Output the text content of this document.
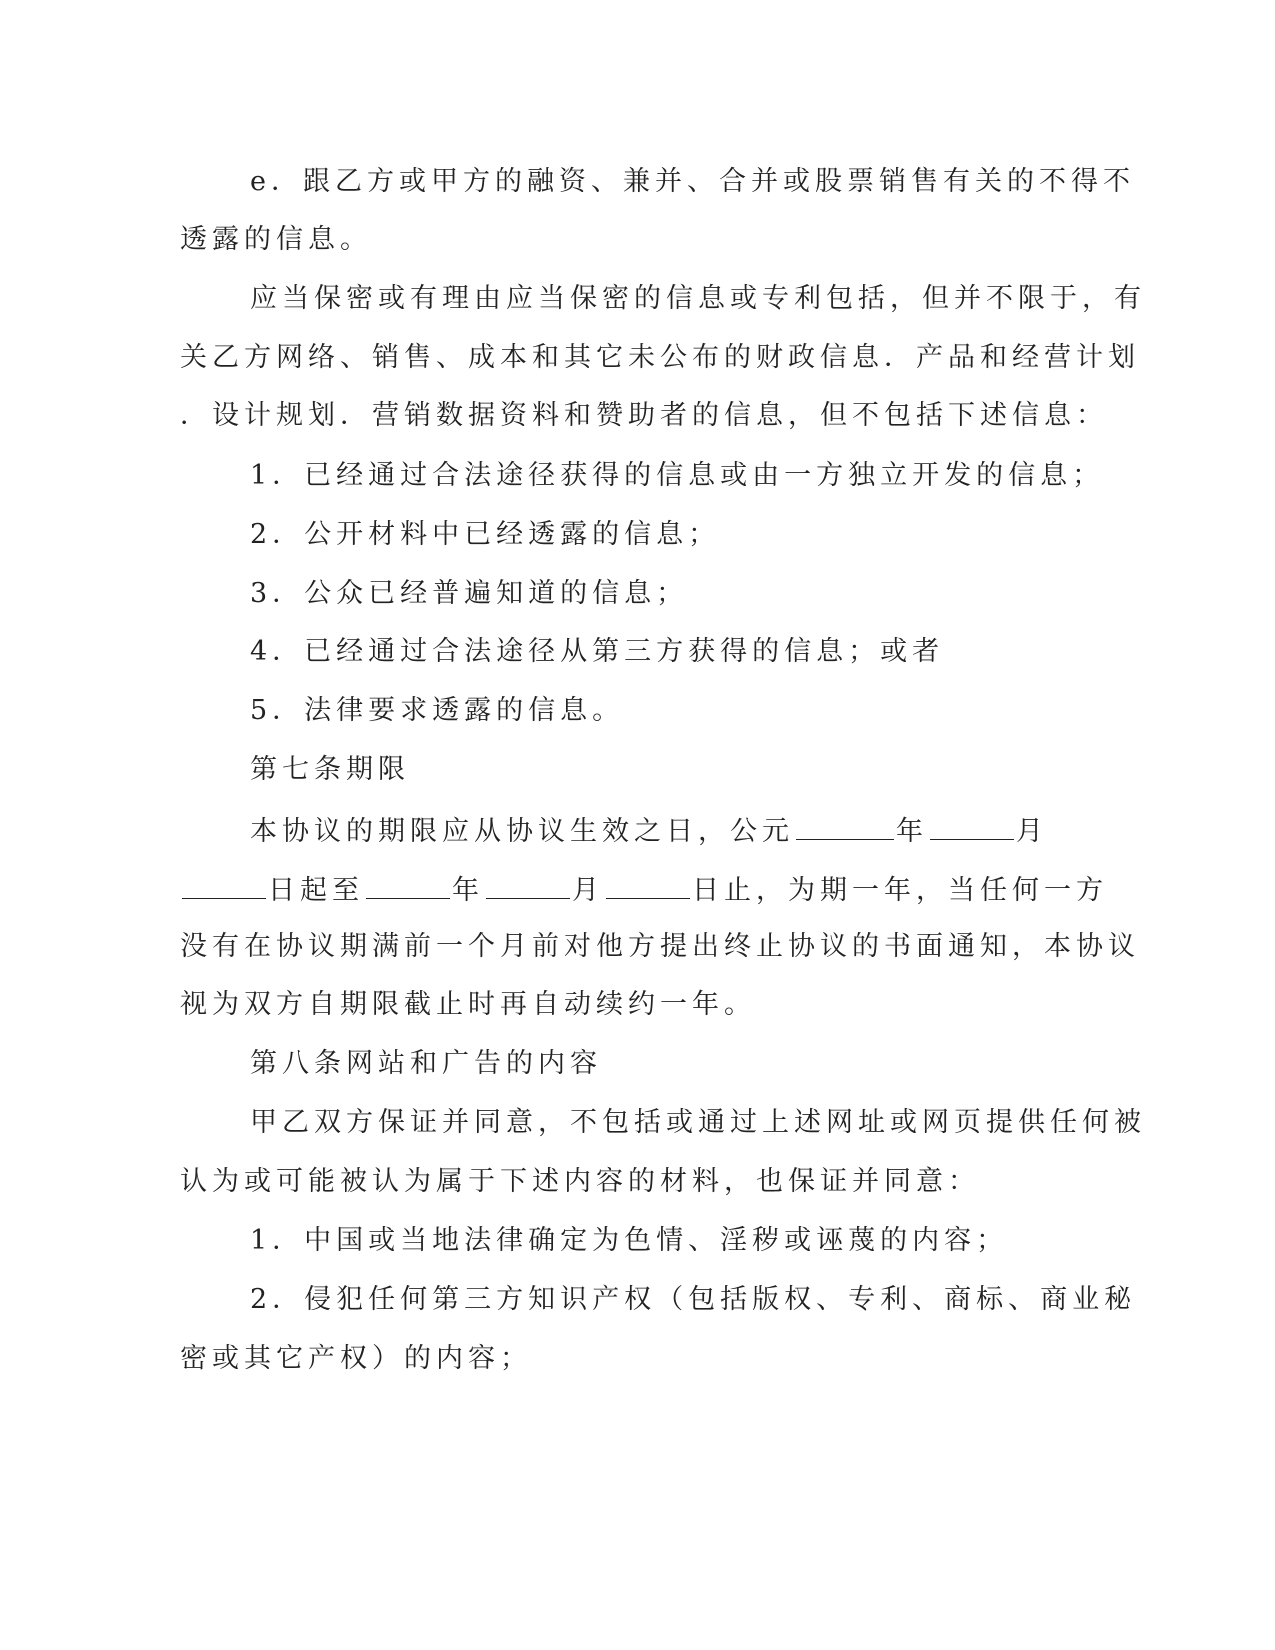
e．跟乙方或甲方的融资、兼并、合并或股票销售有关的不得不
透露的信息。
应当保密或有理由应当保密的信息或专利包括，但并不限于，有
关乙方网络、销售、成本和其它未公布的财政信息．产品和经营计划
．设计规划．营销数据资料和赞助者的信息，但不包括下述信息：
1．已经通过合法途径获得的信息或由一方独立开发的信息；
2．公开材料中已经透露的信息；
3．公众已经普遍知道的信息；
4．已经通过合法途径从第三方获得的信息；或者
5．法律要求透露的信息。
第七条期限
本协议的期限应从协议生效之日，公元	年	月
日起至	年	月	日止，为期一年，当任何一方
没有在协议期满前一个月前对他方提出终止协议的书面通知，本协议
视为双方自期限截止时再自动续约一年。
第八条网站和广告的内容
甲乙双方保证并同意，不包括或通过上述网址或网页提供任何被
认为或可能被认为属于下述内容的材料，也保证并同意：
1．中国或当地法律确定为色情、淫秽或诬蔑的内容；
2．侵犯任何第三方知识产权（包括版权、专利、商标、商业秘
密或其它产权）的内容；
